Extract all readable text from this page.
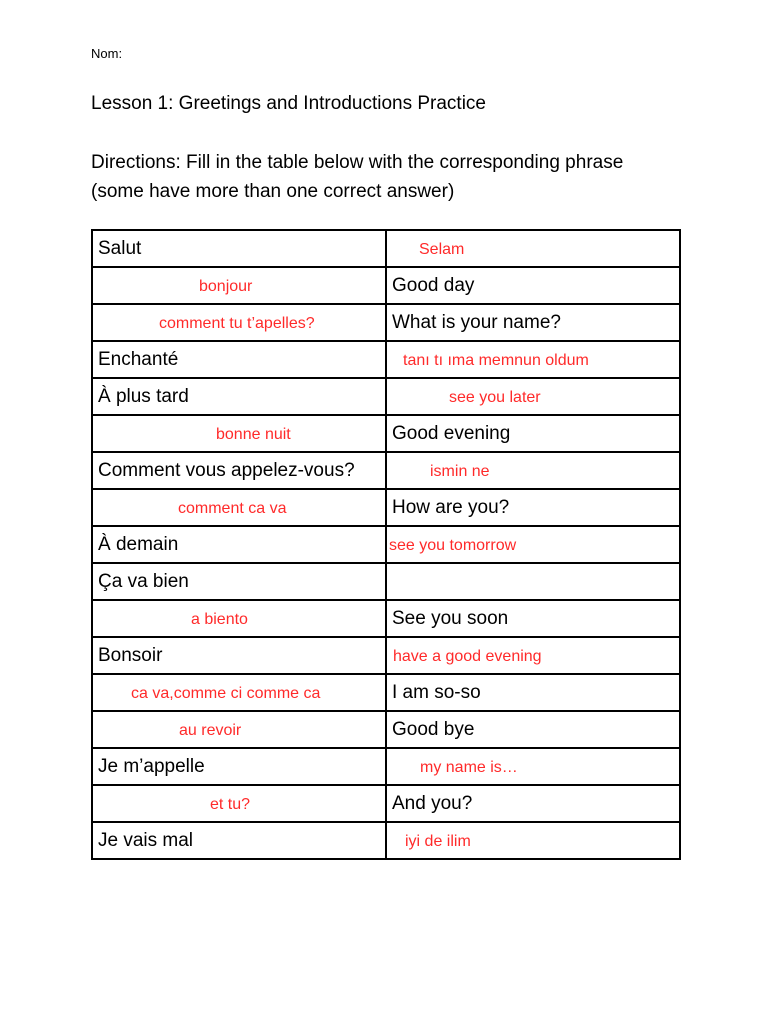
Nom:
Lesson 1: Greetings and Introductions Practice
Directions: Fill in the table below with the corresponding phrase
(some have more than one correct answer)
Salut	Selam
bonjour	Good day
comment tu t’apelles?	What is your name?
Enchanté	tanı tı ıma memnun oldum
À plus tard	see you later
bonne nuit	Good evening
Comment vous appelez-vous?	ismin ne
comment ca va	How are you?
À demain	see you tomorrow
Ça va bien	
a biento	See you soon
Bonsoir	have a good evening
ca va,comme ci comme ca	I am so-so
au revoir	Good bye
Je m’appelle	my name is…
et tu?	And you?
Je vais mal	iyi de ilim
